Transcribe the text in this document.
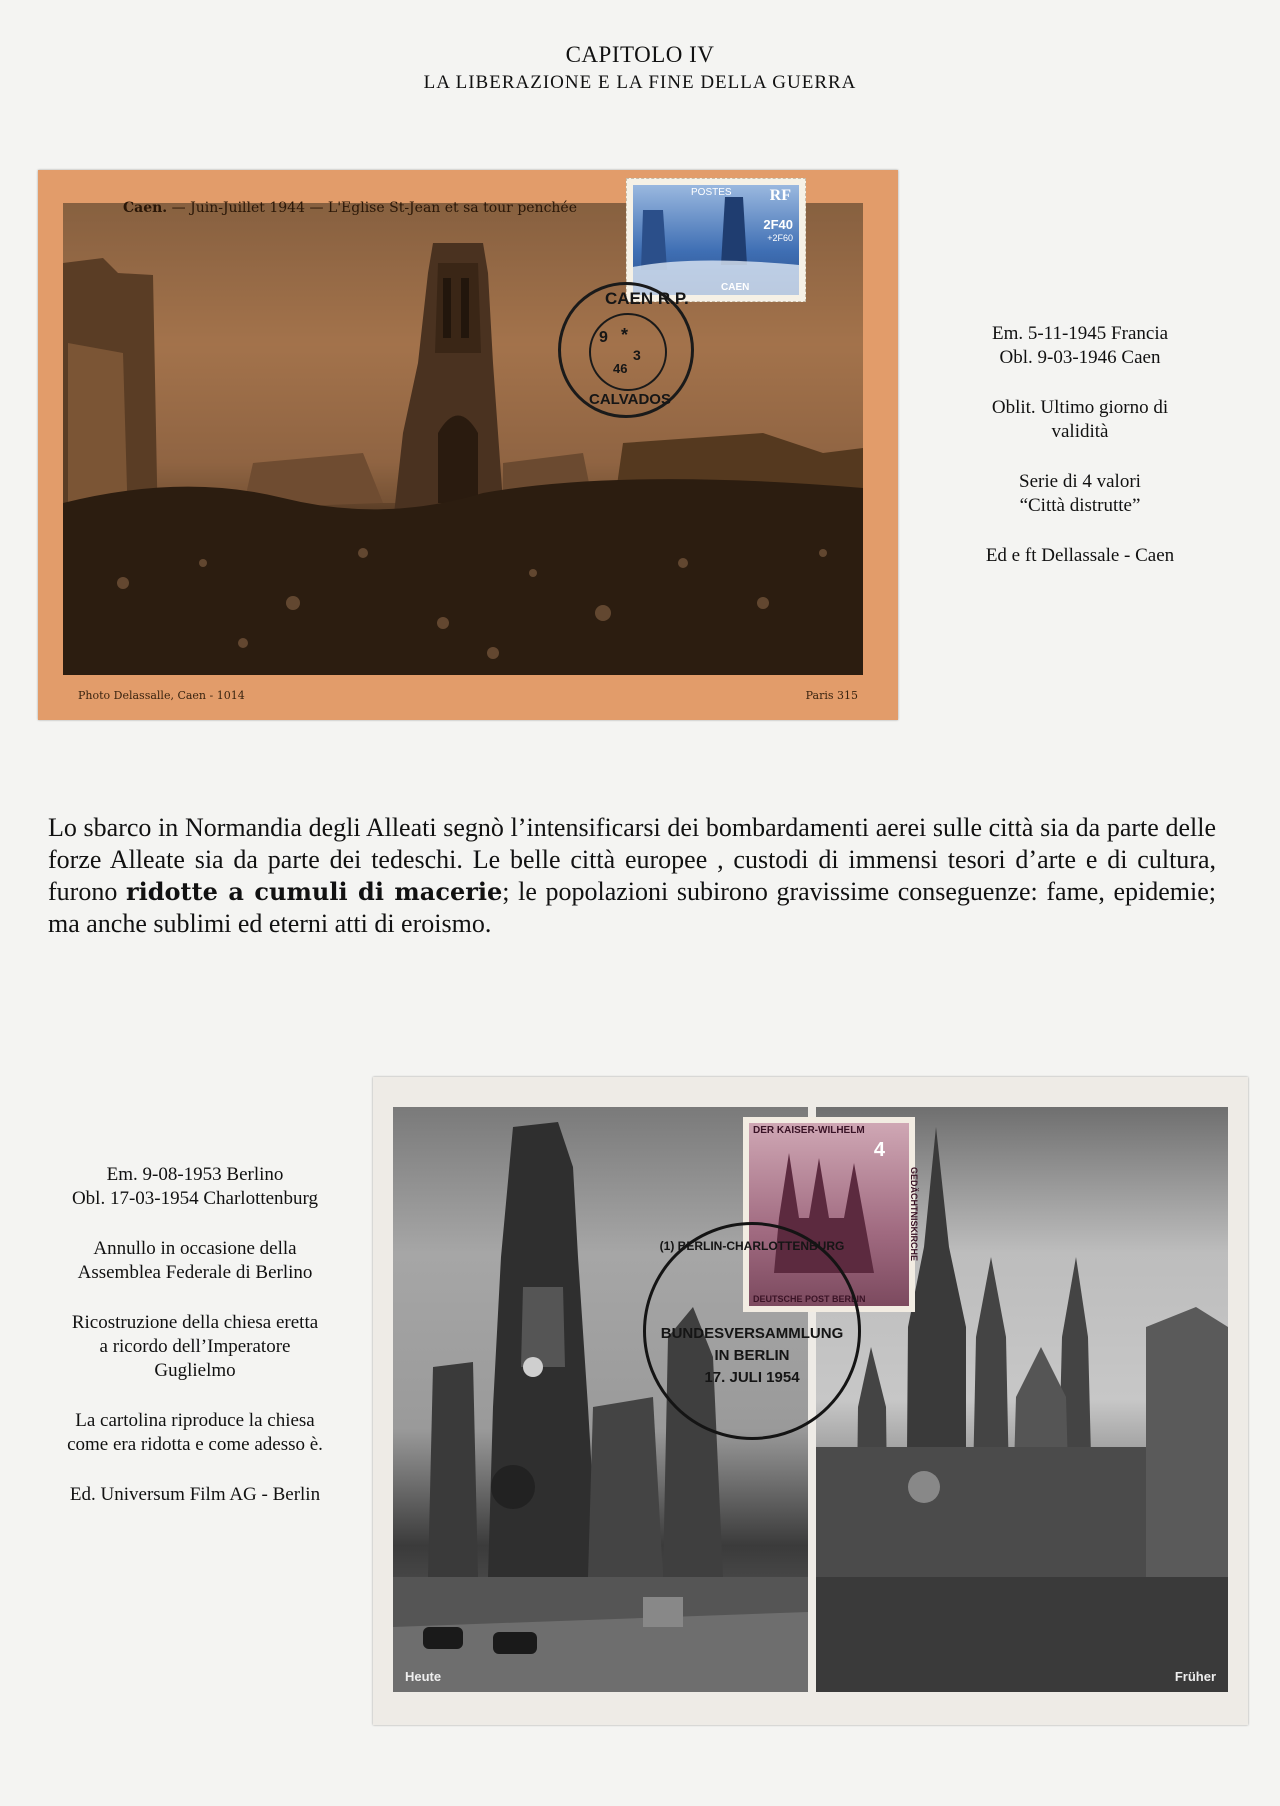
CAPITOLO IV
LA LIBERAZIONE E LA FINE DELLA GUERRA
Caen. — Juin-Juillet 1944 — L'Eglise St-Jean et sa tour penchée
Photo Delassalle, Caen - 1014	Paris 315
POSTES RF
2F40
+2F60
CAEN
CAEN R.P.
9 *
3
46
CALVADOS

Em. 5-11-1945 Francia
Obl. 9-03-1946 Caen

Oblit. Ultimo giorno di
validità

Serie di 4 valori
“Città distrutte”

Ed e ft Dellassale - Caen

Lo sbarco in Normandia degli Alleati segnò l’intensificarsi dei bombardamenti aerei sulle città sia da parte delle forze Alleate sia da parte dei tedeschi. Le belle città europee , custodi di immensi tesori d’arte e di cultura, furono ridotte a cumuli di macerie; le popolazioni subirono gravissime conseguenze: fame, epidemie; ma anche sublimi ed eterni atti di eroismo.

Em. 9-08-1953 Berlino
Obl. 17-03-1954 Charlottenburg

Annullo in occasione della
Assemblea Federale di Berlino

Ricostruzione della chiesa eretta
a ricordo dell’Imperatore
Guglielmo

La cartolina riproduce la chiesa
come era ridotta e come adesso è.

Ed. Universum Film AG - Berlin

Heute	Früher
DER KAISER-WILHELM
4
GEDÄCHTNISKIRCHE
DEUTSCHE POST BERLIN
(1) BERLIN-CHARLOTTENBURG
BUNDESVERSAMMLUNG
IN BERLIN
17. JULI 1954
